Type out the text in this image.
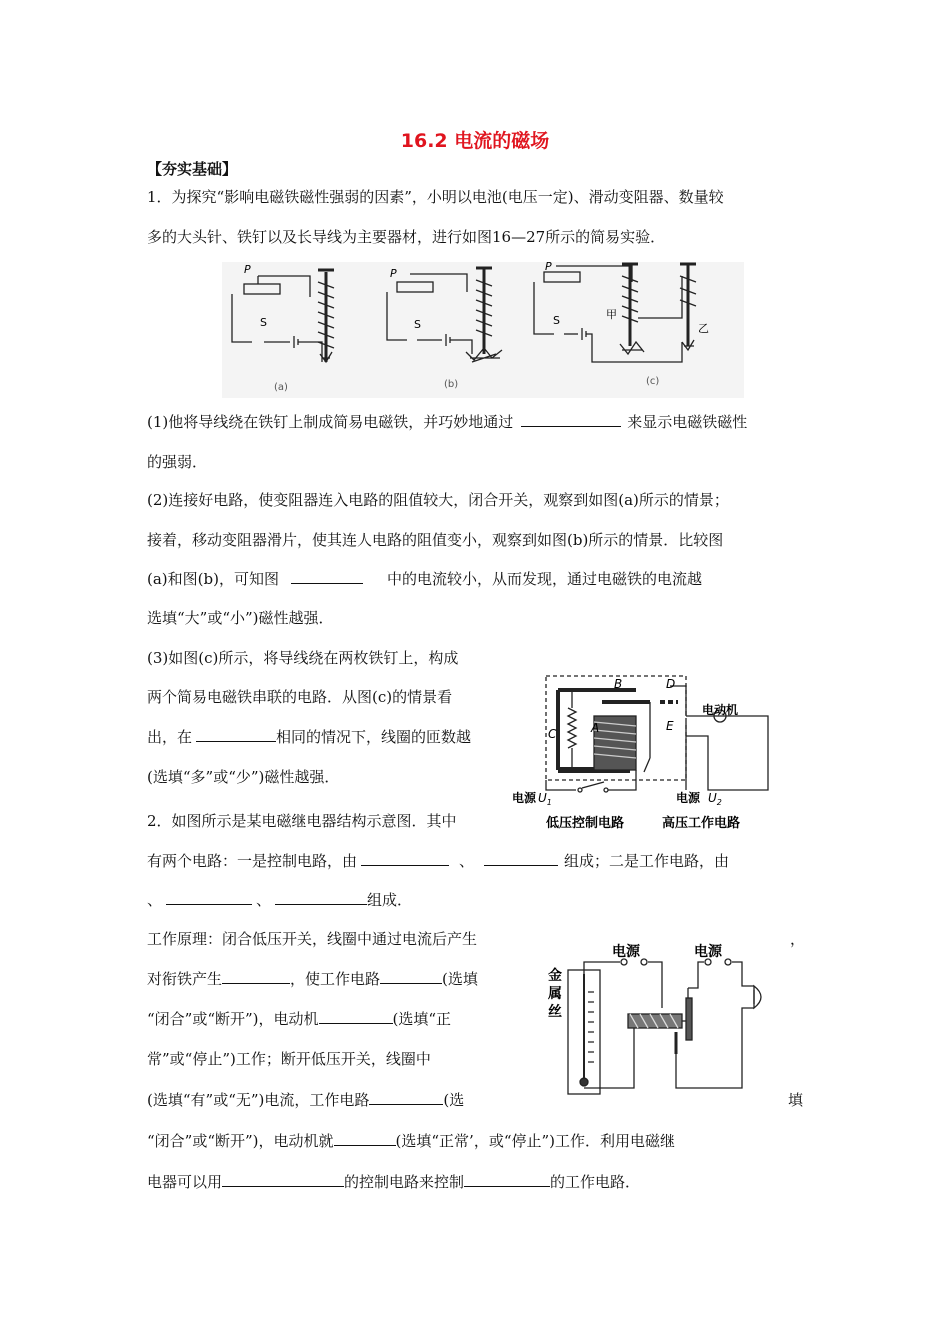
16.2 电流的磁场
【夯实基础】
1．为探究“影响电磁铁磁性强弱的因素”，小明以电池(电压一定)、滑动变阻器、数量较
多的大头针、铁钉以及长导线为主要器材，进行如图16—27所示的简易实验．
P	P
P
S	S	S	甲
乙
(a)	(b)	(c)
(1)他将导线绕在铁钉上制成简易电磁铁，并巧妙地通过	来显示电磁铁磁性
的强弱．
(2)连接好电路，使变阻器连入电路的阻值较大，闭合开关，观察到如图(a)所示的情景；
接着，移动变阻器滑片，使其连人电路的阻值变小，观察到如图(b)所示的情景．比较图
(a)和图(b)，可知图	中的电流较小，从而发现，通过电磁铁的电流越
选填“大”或“小”)磁性越强．
(3)如图(c)所示，将导线绕在两枚铁钉上，构成
两个简易电磁铁串联的电路．从图(c)的情景看
出，在	相同的情况下，线圈的匝数越
(选填“多”或“少”)磁性越强．
B	D
C	A	E
电动机
电源 $U_1$	电源 $U_2$
低压控制电路	高压工作电路
2．如图所示是某电磁继电器结构示意图．其中
有两个电路：一是控制电路，由	、	组成；二是工作电路，由
、	、	组成．
工作原理：闭合低压开关，线圈中通过电流后产生	，
对衔铁产生	，使工作电路	(选填
“闭合”或“断开”)，电动机	(选填“正
常”或“停止”)工作；断开低压开关，线圈中
(选填“有”或“无”)电流，工作电路	(选	填
“闭合”或“断开”)，电动机就	(选填“正常’，或“停止”)工作．利用电磁继
电器可以用	的控制电路来控制	的工作电路．
电源	电源
金
属
丝
